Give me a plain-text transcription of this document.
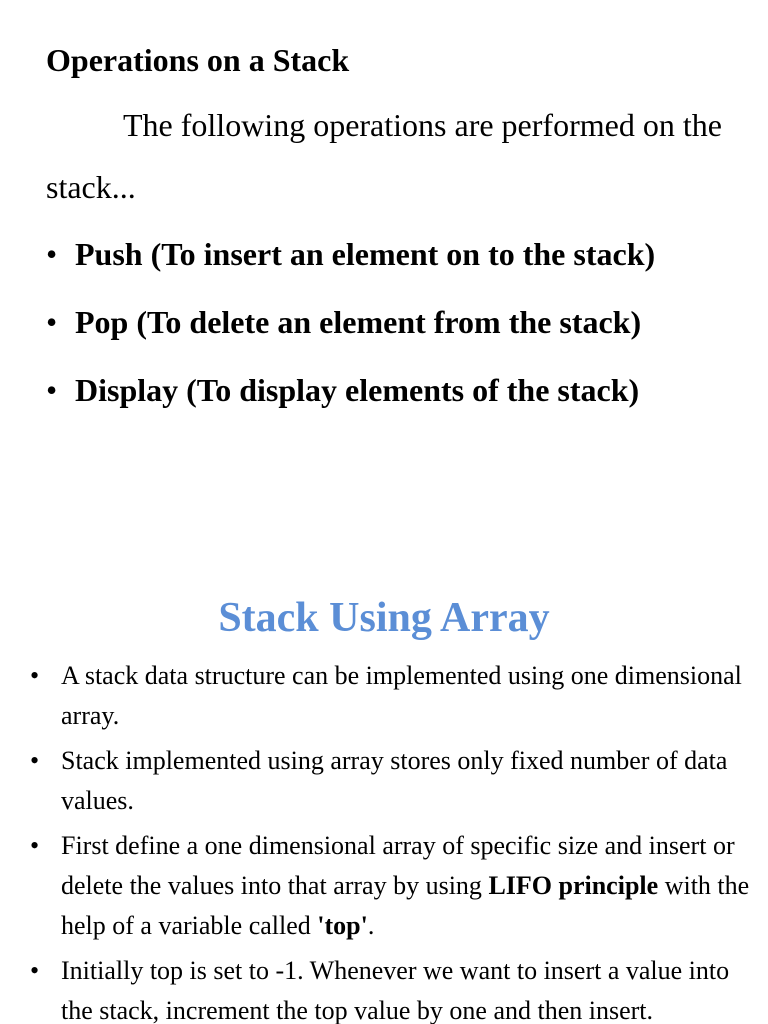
Operations on a Stack

The following operations are performed on the stack...

• Push (To insert an element on to the stack)
• Pop (To delete an element from the stack)
• Display (To display elements of the stack)
Stack Using Array
• A stack data structure can be implemented using one dimensional array.
• Stack implemented using array stores only fixed number of data values.
• First define a one dimensional array of specific size and insert or delete the values into that array by using LIFO principle with the help of a variable called 'top'.
• Initially top is set to -1. Whenever we want to insert a value into the stack, increment the top value by one and then insert.
